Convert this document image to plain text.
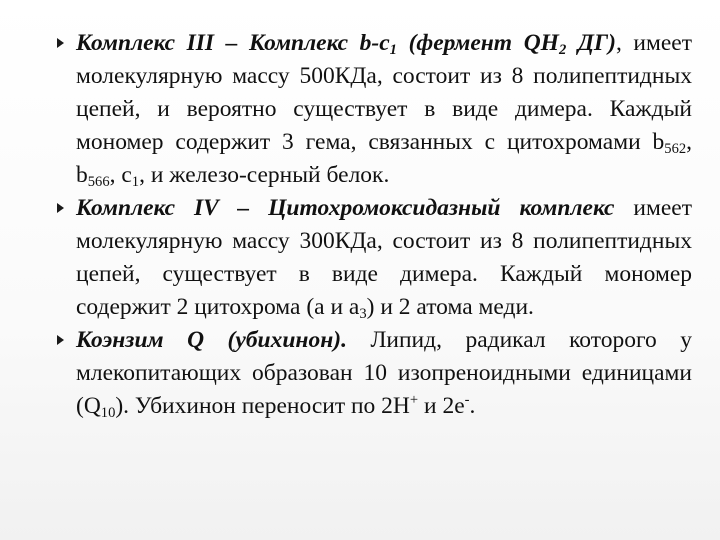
Комплекс III – Комплекс $b-c_1$ (фермент $QH_2$ ДГ), имеет молекулярную массу 500КДа, состоит из 8 полипептидных цепей, и вероятно существует в виде димера. Каждый мономер содержит 3 гема, связанных с цитохромами $b_{562}$, $b_{566}$, $c_1$, и железо-серный белок.
Комплекс IV – Цитохромоксидазный комплекс имеет молекулярную массу 300КДа, состоит из 8 полипептидных цепей, существует в виде димера. Каждый мономер содержит 2 цитохрома (а и $а_3$) и 2 атома меди.
Коэнзим Q (убихинон). Липид, радикал которого у млекопитающих образован 10 изопреноидными единицами $(Q_{10})$. Убихинон переносит по 2Н+ и 2е-.
